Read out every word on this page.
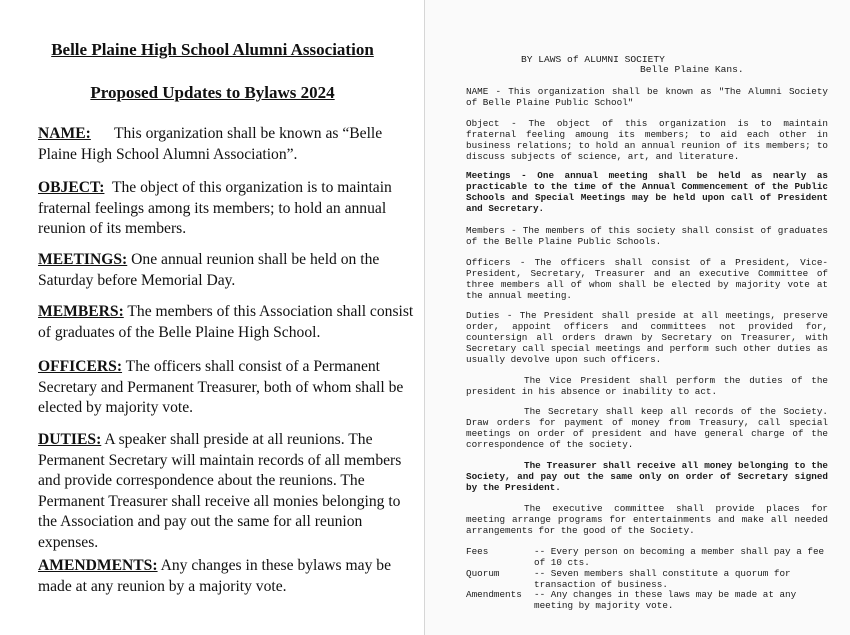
Belle Plaine High School Alumni Association
Proposed Updates to Bylaws 2024

NAME: This organization shall be known as “Belle Plaine High School Alumni Association”.

OBJECT: The object of this organization is to maintain fraternal feelings among its members; to hold an annual reunion of its members.

MEETINGS: One annual reunion shall be held on the Saturday before Memorial Day.

MEMBERS: The members of this Association shall consist of graduates of the Belle Plaine High School.

OFFICERS: The officers shall consist of a Permanent Secretary and Permanent Treasurer, both of whom shall be elected by majority vote.

DUTIES: A speaker shall preside at all reunions. The Permanent Secretary will maintain records of all members and provide correspondence about the reunions. The Permanent Treasurer shall receive all monies belonging to the Association and pay out the same for all reunion expenses.

AMENDMENTS: Any changes in these bylaws may be made at any reunion by a majority vote.

BY LAWS of ALUMNI SOCIETY
Belle Plaine Kans.

NAME - This organization shall be known as "The Alumni Society of Belle Plaine Public School"

Object - The object of this organization is to maintain fraternal feeling amoung its members; to aid each other in business relations; to hold an annual reunion of its members; to discuss subjects of science, art, and literature.

Meetings - One annual meeting shall be held as nearly as practicable to the time of the Annual Commencement of the Public Schools and Special Meetings may be held upon call of President and Secretary.

Members - The members of this society shall consist of graduates of the Belle Plaine Public Schools.

Officers - The officers shall consist of a President, Vice-President, Secretary, Treasurer and an executive Committee of three members all of whom shall be elected by majority vote at the annual meeting.

Duties - The President shall preside at all meetings, preserve order, appoint officers and committees not provided for, countersign all orders drawn by Secretary on Treasurer, with Secretary call special meetings and perform such other duties as usually devolve upon such officers.

The Vice President shall perform the duties of the president in his absence or inability to act.

The Secretary shall keep all records of the Society. Draw orders for payment of money from Treasury, call special meetings on order of president and have general charge of the correspondence of the society.

The Treasurer shall receive all money belonging to the Society, and pay out the same only on order of Secretary signed by the President.

The executive committee shall provide places for meeting arrange programs for entertainments and make all needed arrangements for the good of the Society.

Fees	-- Every person on becoming a member shall pay a fee of 10 cts.
Quorum	-- Seven members shall constitute a quorum for transaction of business.
Amendments -- Any changes in these laws may be made at any meeting by majority vote.
